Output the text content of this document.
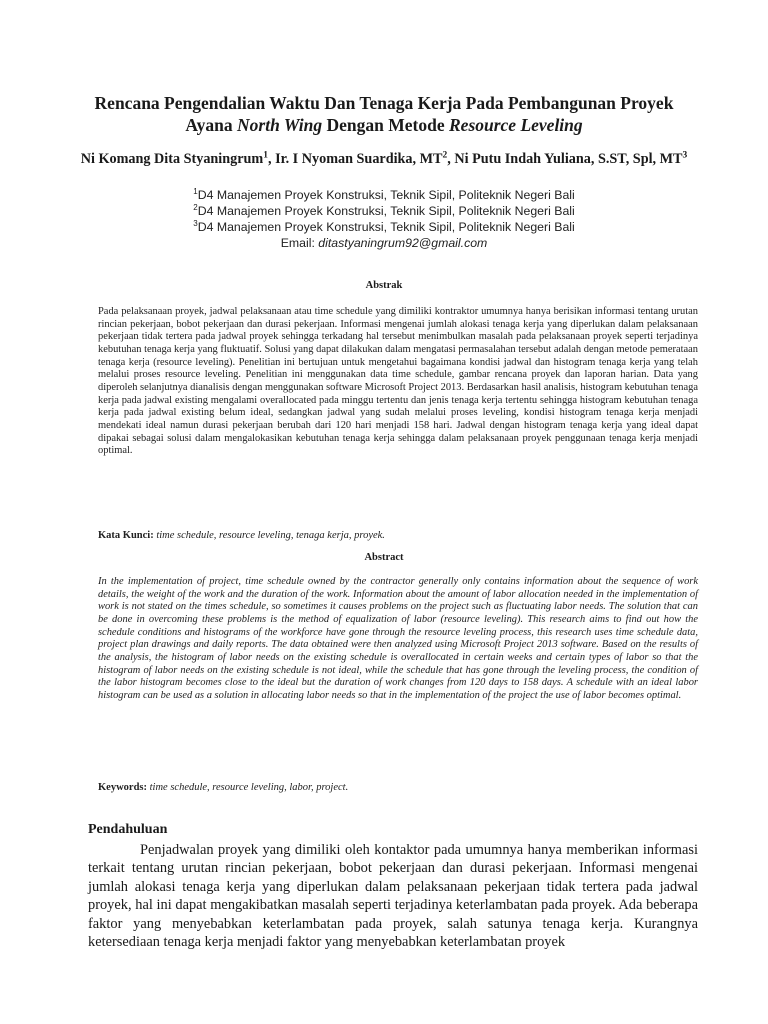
Rencana Pengendalian Waktu Dan Tenaga Kerja Pada Pembangunan Proyek
Ayana North Wing Dengan Metode Resource Leveling
Ni Komang Dita Styaningrum$^1$, Ir. I Nyoman Suardika, $MT^2$, Ni Putu Indah Yuliana, S.ST, Spl, $MT^3$
$^1$D4 Manajemen Proyek Konstruksi, Teknik Sipil, Politeknik Negeri Bali
$^2$D4 Manajemen Proyek Konstruksi, Teknik Sipil, Politeknik Negeri Bali
$^3$D4 Manajemen Proyek Konstruksi, Teknik Sipil, Politeknik Negeri Bali
Email: ditastyaningrum92@gmail.com
Abstrak
Pada pelaksanaan proyek, jadwal pelaksanaan atau time schedule yang dimiliki kontraktor umumnya hanya berisikan informasi tentang urutan rincian pekerjaan, bobot pekerjaan dan durasi pekerjaan. Informasi mengenai jumlah alokasi tenaga kerja yang diperlukan dalam pelaksanaan pekerjaan tidak tertera pada jadwal proyek sehingga terkadang hal tersebut menimbulkan masalah pada pelaksanaan proyek seperti terjadinya kebutuhan tenaga kerja yang fluktuatif. Solusi yang dapat dilakukan dalam mengatasi permasalahan tersebut adalah dengan metode pemerataan tenaga kerja (resource leveling). Penelitian ini bertujuan untuk mengetahui bagaimana kondisi jadwal dan histogram tenaga kerja yang telah melalui proses resource leveling. Penelitian ini menggunakan data time schedule, gambar rencana proyek dan laporan harian. Data yang diperoleh selanjutnya dianalisis dengan menggunakan software Microsoft Project 2013. Berdasarkan hasil analisis, histogram kebutuhan tenaga kerja pada jadwal existing mengalami overallocated pada minggu tertentu dan jenis tenaga kerja tertentu sehingga histogram kebutuhan tenaga kerja pada jadwal existing belum ideal, sedangkan jadwal yang sudah melalui proses leveling, kondisi histogram tenaga kerja menjadi mendekati ideal namun durasi pekerjaan berubah dari 120 hari menjadi 158 hari. Jadwal dengan histogram tenaga kerja yang ideal dapat dipakai sebagai solusi dalam mengalokasikan kebutuhan tenaga kerja sehingga dalam pelaksanaan proyek penggunaan tenaga kerja menjadi optimal.
Kata Kunci: time schedule, resource leveling, tenaga kerja, proyek.
Abstract
In the implementation of project, time schedule owned by the contractor generally only contains information about the sequence of work details, the weight of the work and the duration of the work. Information about the amount of labor allocation needed in the implementation of work is not stated on the times schedule, so sometimes it causes problems on the project such as fluctuating labor needs. The solution that can be done in overcoming these problems is the method of equalization of labor (resource leveling). This research aims to find out how the schedule conditions and histograms of the workforce have gone through the resource leveling process, this research uses time schedule data, project plan drawings and daily reports. The data obtained were then analyzed using Microsoft Project 2013 software. Based on the results of the analysis, the histogram of labor needs on the existing schedule is overallocated in certain weeks and certain types of labor so that the histogram of labor needs on the existing schedule is not ideal, while the schedule that has gone through the leveling process, the condition of the labor histogram becomes close to the ideal but the duration of work changes from 120 days to 158 days. A schedule with an ideal labor histogram can be used as a solution in allocating labor needs so that in the implementation of the project the use of labor becomes optimal.
Keywords: time schedule, resource leveling, labor, project.
Pendahuluan
Penjadwalan proyek yang dimiliki oleh kontaktor pada umumnya hanya memberikan informasi terkait tentang urutan rincian pekerjaan, bobot pekerjaan dan durasi pekerjaan. Informasi mengenai jumlah alokasi tenaga kerja yang diperlukan dalam pelaksanaan pekerjaan tidak tertera pada jadwal proyek, hal ini dapat mengakibatkan masalah seperti terjadinya keterlambatan pada proyek. Ada beberapa faktor yang menyebabkan keterlambatan pada proyek, salah satunya tenaga kerja. Kurangnya ketersediaan tenaga kerja menjadi faktor yang menyebabkan keterlambatan proyek
